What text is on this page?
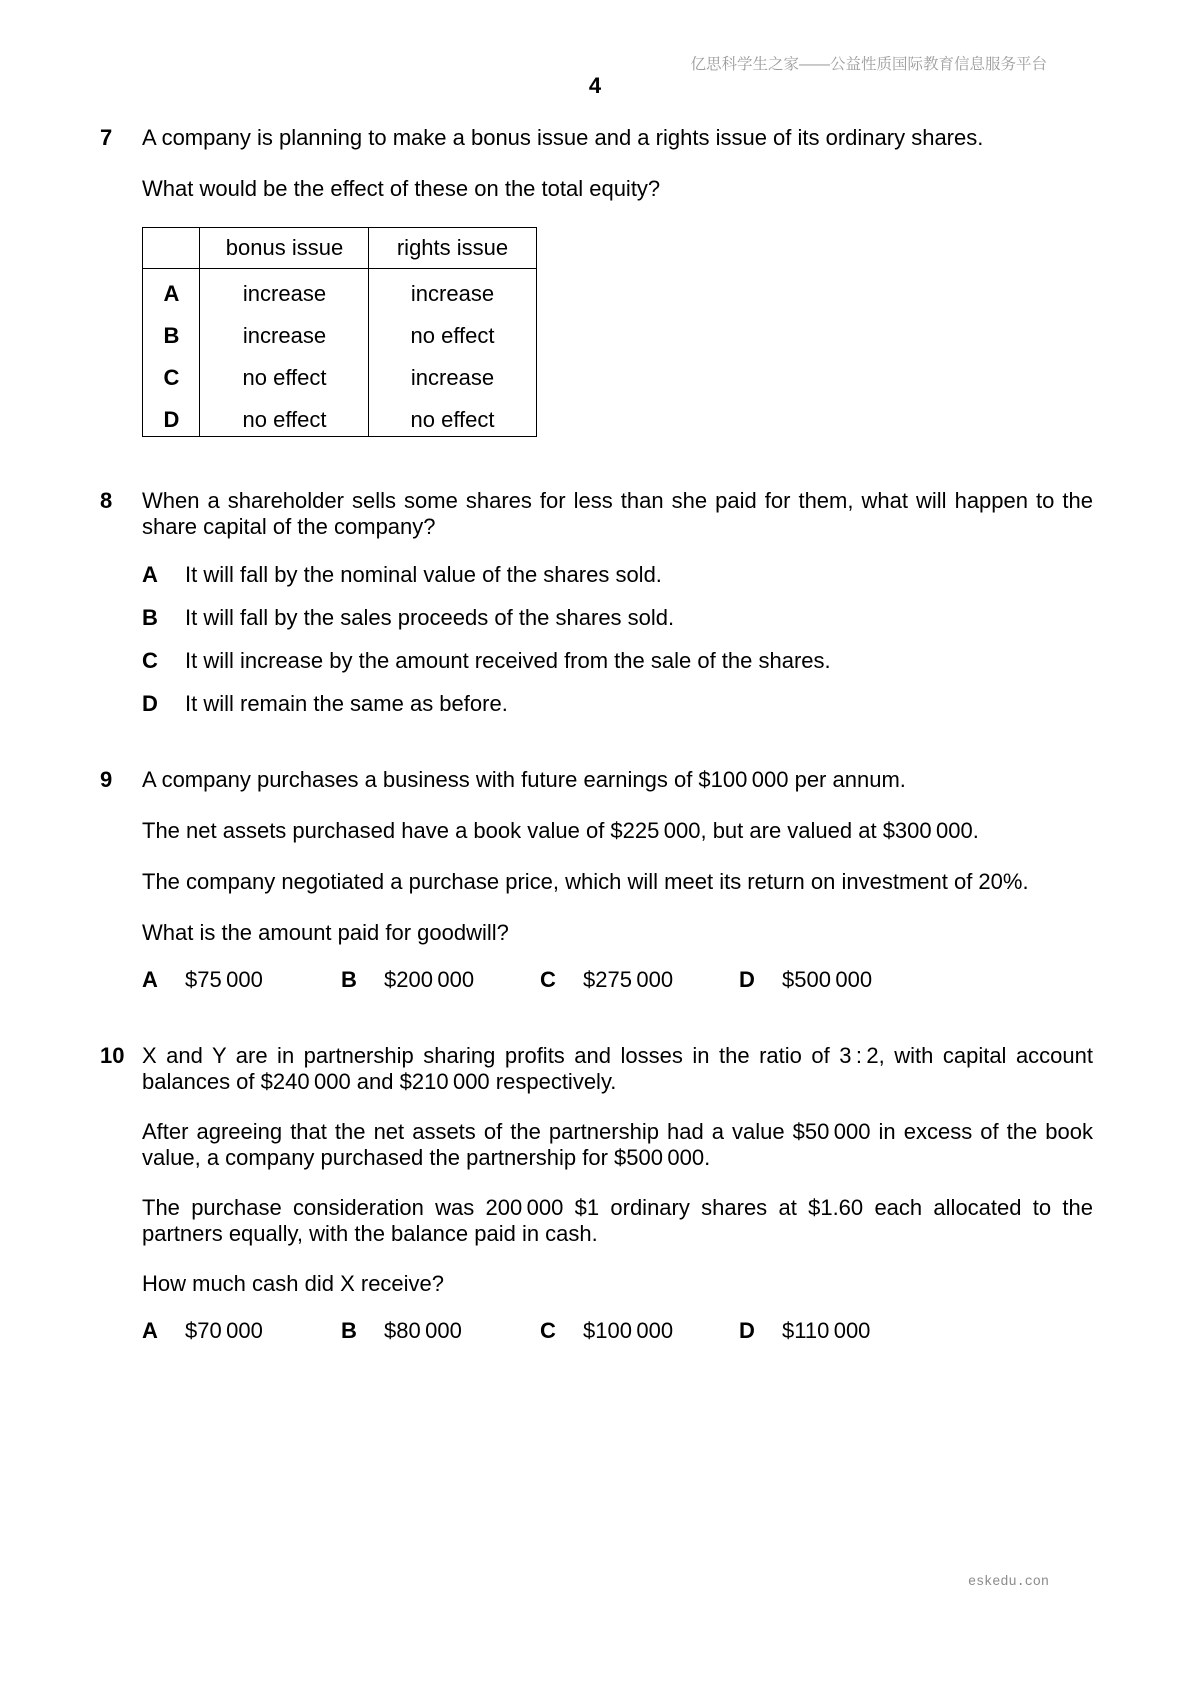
亿思科学生之家——公益性质国际教育信息服务平台
4
7 A company is planning to make a bonus issue and a rights issue of its ordinary shares.

What would be the effect of these on the total equity?

bonus issue	rights issue
A	increase	increase
B	increase	no effect
C	no effect	increase
D	no effect	no effect
8 When a shareholder sells some shares for less than she paid for them, what will happen to the share capital of the company?

A	It will fall by the nominal value of the shares sold.
B	It will fall by the sales proceeds of the shares sold.
C	It will increase by the amount received from the sale of the shares.
D	It will remain the same as before.
9 A company purchases a business with future earnings of $100 000 per annum.

The net assets purchased have a book value of $225 000, but are valued at $300 000.

The company negotiated a purchase price, which will meet its return on investment of 20%.

What is the amount paid for goodwill?

A	$75 000	B	$200 000	C	$275 000	D	$500 000
10 X and Y are in partnership sharing profits and losses in the ratio of 3 : 2, with capital account balances of $240 000 and $210 000 respectively.

After agreeing that the net assets of the partnership had a value $50 000 in excess of the book value, a company purchased the partnership for $500 000.

The purchase consideration was 200 000 $1 ordinary shares at $1.60 each allocated to the partners equally, with the balance paid in cash.

How much cash did X receive?

A	$70 000	B	$80 000	C	$100 000	D	$110 000
eskedu.con
